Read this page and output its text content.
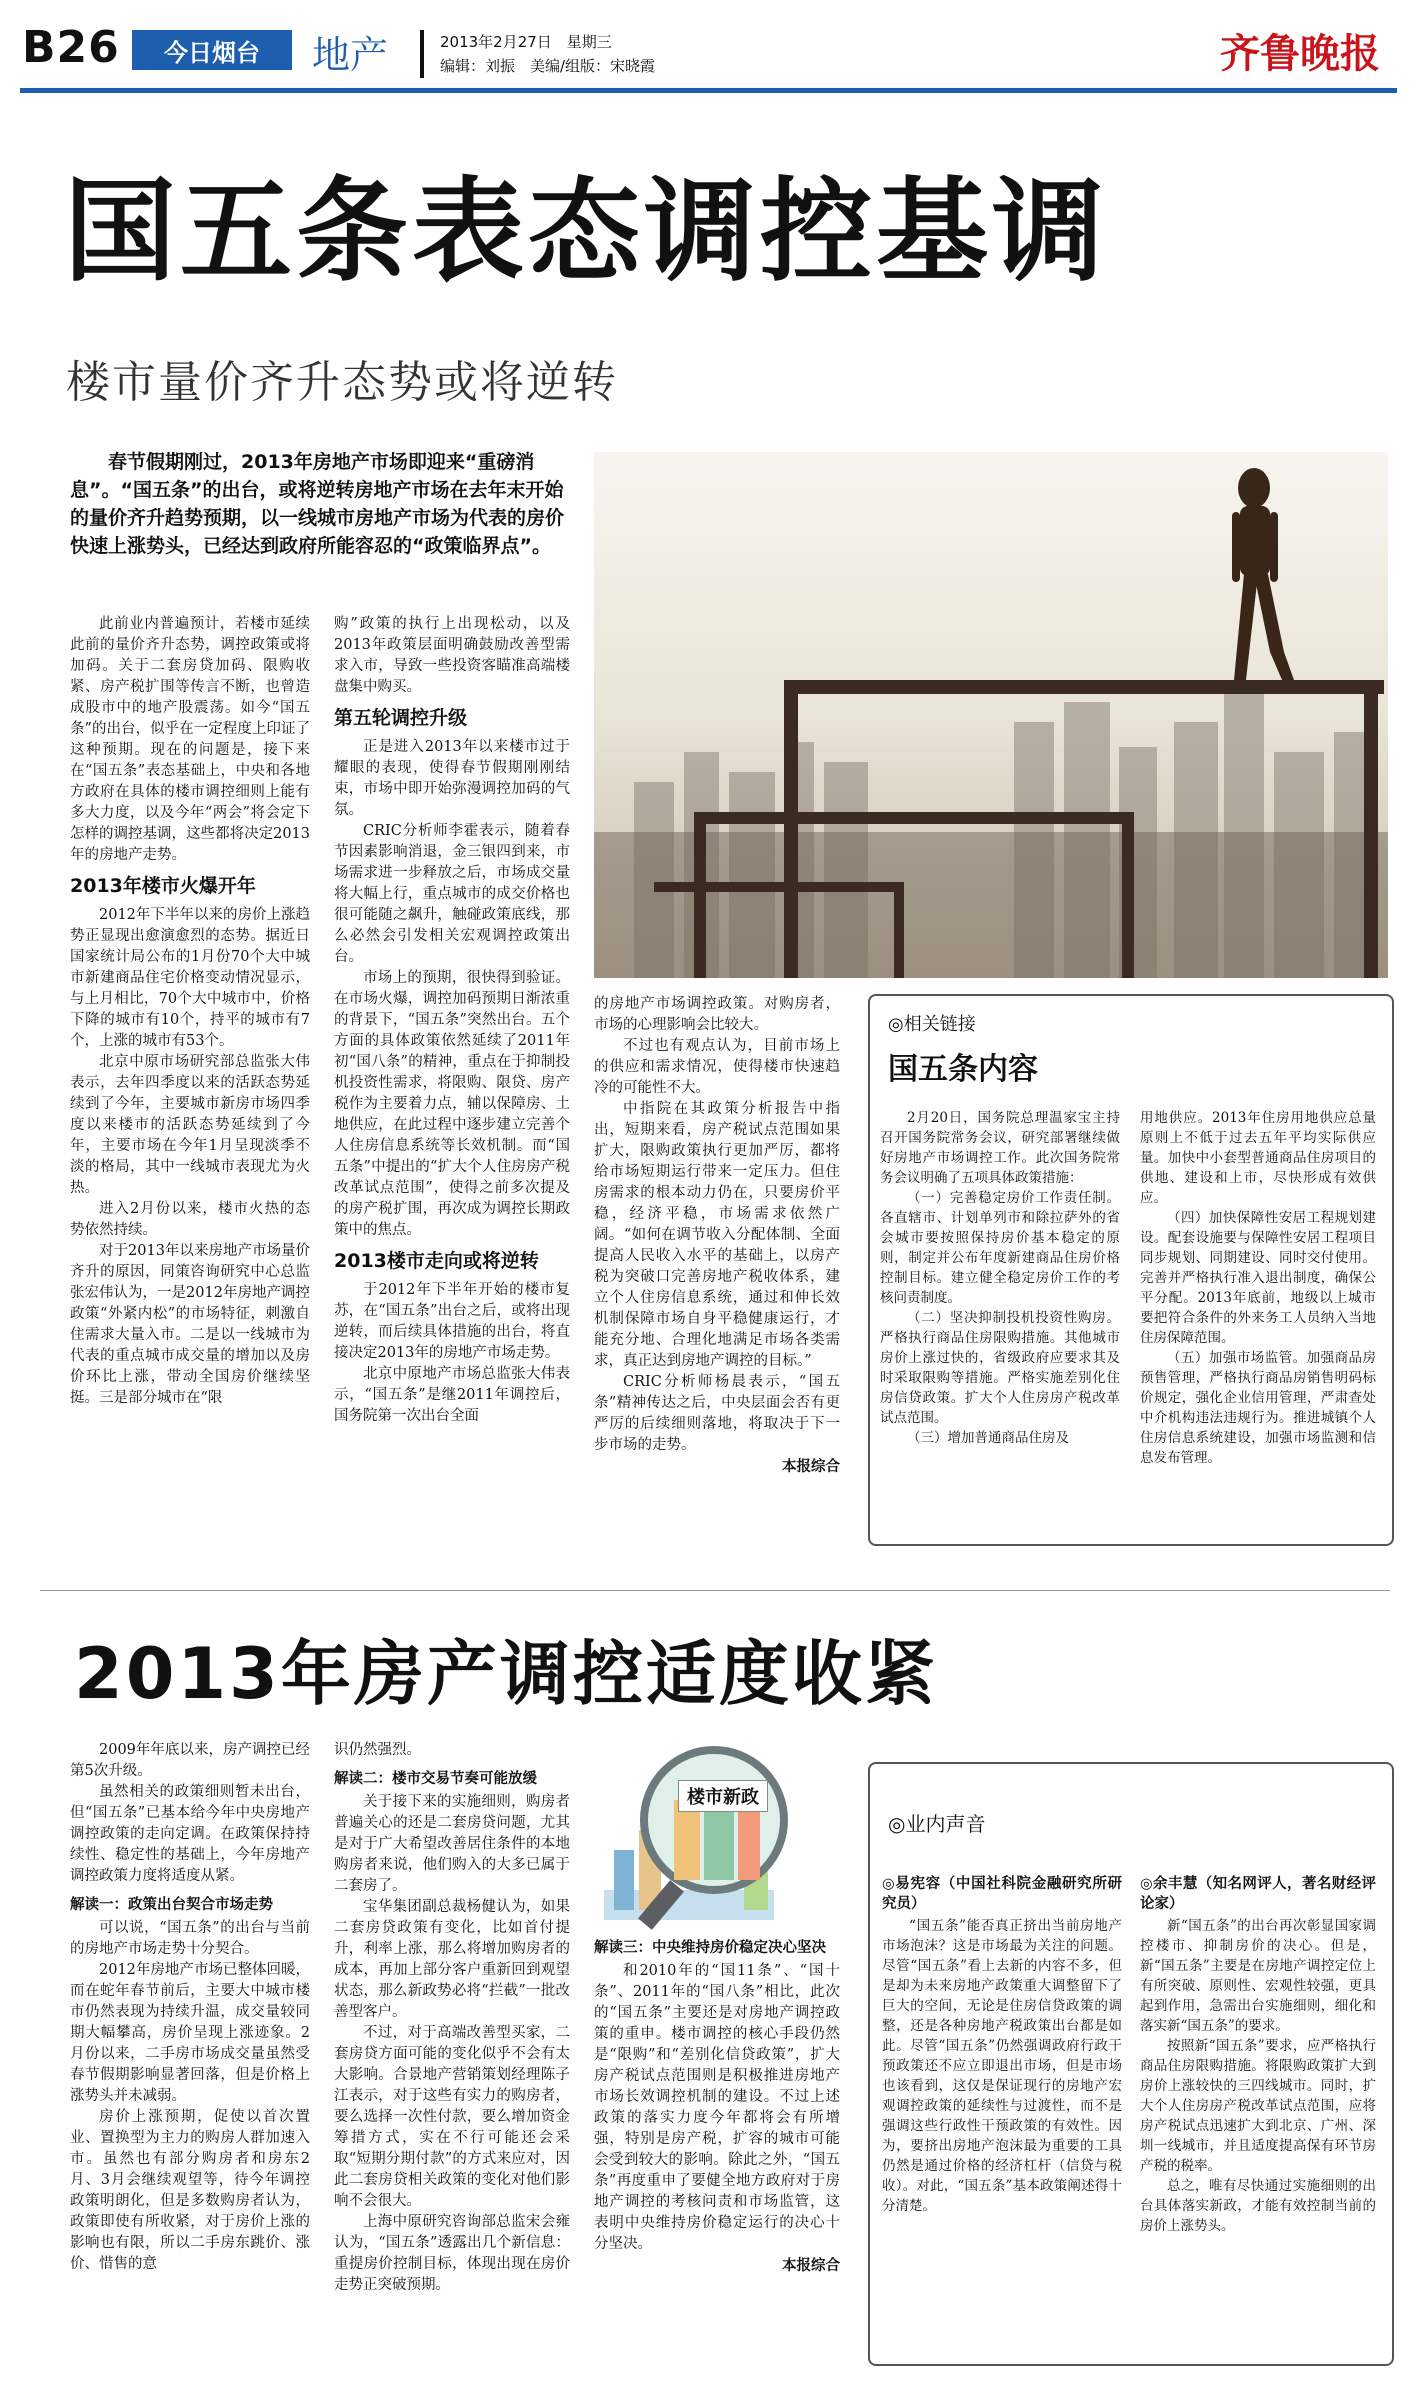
B26	今日烟台	地产	2013年2月27日　星期三
编辑：刘振　美编/组版：宋晓霞	齐鲁晚报
国五条表态调控基调
楼市量价齐升态势或将逆转
春节假期刚过，2013年房地产市场即迎来“重磅消息”。“国五条”的出台，或将逆转房地产市场在去年末开始的量价齐升趋势预期，以一线城市房地产市场为代表的房价快速上涨势头，已经达到政府所能容忍的“政策临界点”。

此前业内普遍预计，若楼市延续此前的量价齐升态势，调控政策或将加码。关于二套房贷加码、限购收紧、房产税扩围等传言不断，也曾造成股市中的地产股震荡。如今“国五条”的出台，似乎在一定程度上印证了这种预期。现在的问题是，接下来在“国五条”表态基础上，中央和各地方政府在具体的楼市调控细则上能有多大力度，以及今年“两会”将会定下怎样的调控基调，这些都将决定2013年的房地产走势。

2013年楼市火爆开年

2012年下半年以来的房价上涨趋势正显现出愈演愈烈的态势。据近日国家统计局公布的1月份70个大中城市新建商品住宅价格变动情况显示，与上月相比，70个大中城市中，价格下降的城市有10个，持平的城市有7个，上涨的城市有53个。

北京中原市场研究部总监张大伟表示，去年四季度以来的活跃态势延续到了今年，主要城市新房市场四季度以来楼市的活跃态势延续到了今年，主要市场在今年1月呈现淡季不淡的格局，其中一线城市表现尤为火热。

进入2月份以来，楼市火热的态势依然持续。

对于2013年以来房地产市场量价齐升的原因，同策咨询研究中心总监张宏伟认为，一是2012年房地产调控政策“外紧内松”的市场特征，刺激自住需求大量入市。二是以一线城市为代表的重点城市成交量的增加以及房价环比上涨，带动全国房价继续坚挺。三是部分城市在“限

购”政策的执行上出现松动，以及2013年政策层面明确鼓励改善型需求入市，导致一些投资客瞄准高端楼盘集中购买。

第五轮调控升级

正是进入2013年以来楼市过于耀眼的表现，使得春节假期刚刚结束，市场中即开始弥漫调控加码的气氛。

CRIC分析师李霍表示，随着春节因素影响消退，金三银四到来，市场需求进一步释放之后，市场成交量将大幅上行，重点城市的成交价格也很可能随之飙升，触碰政策底线，那么必然会引发相关宏观调控政策出台。

市场上的预期，很快得到验证。在市场火爆，调控加码预期日渐浓重的背景下，“国五条”突然出台。五个方面的具体政策依然延续了2011年初“国八条”的精神，重点在于抑制投机投资性需求，将限购、限贷、房产税作为主要着力点，辅以保障房、土地供应，在此过程中逐步建立完善个人住房信息系统等长效机制。而“国五条”中提出的“扩大个人住房房产税改革试点范围”，使得之前多次提及的房产税扩围，再次成为调控长期政策中的焦点。

2013楼市走向或将逆转

于2012年下半年开始的楼市复苏，在“国五条”出台之后，或将出现逆转，而后续具体措施的出台，将直接决定2013年的房地产市场走势。

北京中原地产市场总监张大伟表示，“国五条”是继2011年调控后，国务院第一次出台全面

的房地产市场调控政策。对购房者，市场的心理影响会比较大。

不过也有观点认为，目前市场上的供应和需求情况，使得楼市快速趋冷的可能性不大。

中指院在其政策分析报告中指出，短期来看，房产税试点范围如果扩大，限购政策执行更加严厉，都将给市场短期运行带来一定压力。但住房需求的根本动力仍在，只要房价平稳，经济平稳，市场需求依然广阔。“如何在调节收入分配体制、全面提高人民收入水平的基础上，以房产税为突破口完善房地产税收体系，建立个人住房信息系统，通过和伸长效机制保障市场自身平稳健康运行，才能充分地、合理化地满足市场各类需求，真正达到房地产调控的目标。”

CRIC分析师杨晨表示，“国五条”精神传达之后，中央层面会否有更严厉的后续细则落地，将取决于下一步市场的走势。

本报综合

◎相关链接
国五条内容

2月20日，国务院总理温家宝主持召开国务院常务会议，研究部署继续做好房地产市场调控工作。此次国务院常务会议明确了五项具体政策措施：

（一）完善稳定房价工作责任制。各直辖市、计划单列市和除拉萨外的省会城市要按照保持房价基本稳定的原则，制定并公布年度新建商品住房价格控制目标。建立健全稳定房价工作的考核问责制度。

（二）坚决抑制投机投资性购房。严格执行商品住房限购措施。其他城市房价上涨过快的，省级政府应要求其及时采取限购等措施。严格实施差别化住房信贷政策。扩大个人住房房产税改革试点范围。

（三）增加普通商品住房及

用地供应。2013年住房用地供应总量原则上不低于过去五年平均实际供应量。加快中小套型普通商品住房项目的供地、建设和上市，尽快形成有效供应。

（四）加快保障性安居工程规划建设。配套设施要与保障性安居工程项目同步规划、同期建设、同时交付使用。完善并严格执行准入退出制度，确保公平分配。2013年底前，地级以上城市要把符合条件的外来务工人员纳入当地住房保障范围。

（五）加强市场监管。加强商品房预售管理，严格执行商品房销售明码标价规定，强化企业信用管理，严肃查处中介机构违法违规行为。推进城镇个人住房信息系统建设，加强市场监测和信息发布管理。

2013年房产调控适度收紧

2009年年底以来，房产调控已经第5次升级。

虽然相关的政策细则暂未出台，但“国五条”已基本给今年中央房地产调控政策的走向定调。在政策保持持续性、稳定性的基础上，今年房地产调控政策力度将适度从紧。

解读一：政策出台契合市场走势

可以说，“国五条”的出台与当前的房地产市场走势十分契合。

2012年房地产市场已整体回暖，而在蛇年春节前后，主要大中城市楼市仍然表现为持续升温，成交量较同期大幅攀高，房价呈现上涨迹象。2月份以来，二手房市场成交量虽然受春节假期影响显著回落，但是价格上涨势头并未减弱。

房价上涨预期，促使以首次置业、置换型为主力的购房人群加速入市。虽然也有部分购房者和房东2月、3月会继续观望等，待今年调控政策明朗化，但是多数购房者认为，政策即使有所收紧，对于房价上涨的影响也有限，所以二手房东跳价、涨价、惜售的意

识仍然强烈。

解读二：楼市交易节奏可能放缓

关于接下来的实施细则，购房者普遍关心的还是二套房贷问题，尤其是对于广大希望改善居住条件的本地购房者来说，他们购入的大多已属于二套房了。

宝华集团副总裁杨健认为，如果二套房贷政策有变化，比如首付提升，利率上涨，那么将增加购房者的成本，再加上部分客户重新回到观望状态，那么新政势必将“拦截”一批改善型客户。

不过，对于高端改善型买家，二套房贷方面可能的变化似乎不会有太大影响。合景地产营销策划经理陈子江表示，对于这些有实力的购房者，要么选择一次性付款，要么增加资金筹措方式，实在不行可能还会采取“短期分期付款”的方式来应对，因此二套房贷相关政策的变化对他们影响不会很大。

上海中原研究咨询部总监宋会雍认为，“国五条”透露出几个新信息：重提房价控制目标，体现出现在房价走势正突破预期。

楼市新政
解读三：中央维持房价稳定决心坚决

和2010年的“国11条”、“国十条”、2011年的“国八条”相比，此次的“国五条”主要还是对房地产调控政策的重申。楼市调控的核心手段仍然是“限购”和“差别化信贷政策”，扩大房产税试点范围则是积极推进房地产市场长效调控机制的建设。不过上述政策的落实力度今年都将会有所增强，特别是房产税，扩容的城市可能会受到较大的影响。除此之外，“国五条”再度重申了要健全地方政府对于房地产调控的考核问责和市场监管，这表明中央维持房价稳定运行的决心十分坚决。

本报综合

◎业内声音
◎易宪容（中国社科院金融研究所研究员）

“国五条”能否真正挤出当前房地产市场泡沫？这是市场最为关注的问题。尽管“国五条”看上去新的内容不多，但是却为未来房地产政策重大调整留下了巨大的空间，无论是住房信贷政策的调整，还是各种房地产税政策出台都是如此。尽管“国五条”仍然强调政府行政干预政策还不应立即退出市场，但是市场也该看到，这仅是保证现行的房地产宏观调控政策的延续性与过渡性，而不是强调这些行政性干预政策的有效性。因为，要挤出房地产泡沫最为重要的工具仍然是通过价格的经济杠杆（信贷与税收）。对此，“国五条”基本政策阐述得十分清楚。

◎余丰慧（知名网评人，著名财经评论家）

新“国五条”的出台再次彰显国家调控楼市、抑制房价的决心。但是，新“国五条”主要是在房地产调控定位上有所突破、原则性、宏观性较强，更具起到作用，急需出台实施细则，细化和落实新“国五条”的要求。

按照新“国五条”要求，应严格执行商品住房限购措施。将限购政策扩大到房价上涨较快的三四线城市。同时，扩大个人住房房产税改革试点范围，应将房产税试点迅速扩大到北京、广州、深圳一线城市，并且适度提高保有环节房产税的税率。

总之，唯有尽快通过实施细则的出台具体落实新政，才能有效控制当前的房价上涨势头。
